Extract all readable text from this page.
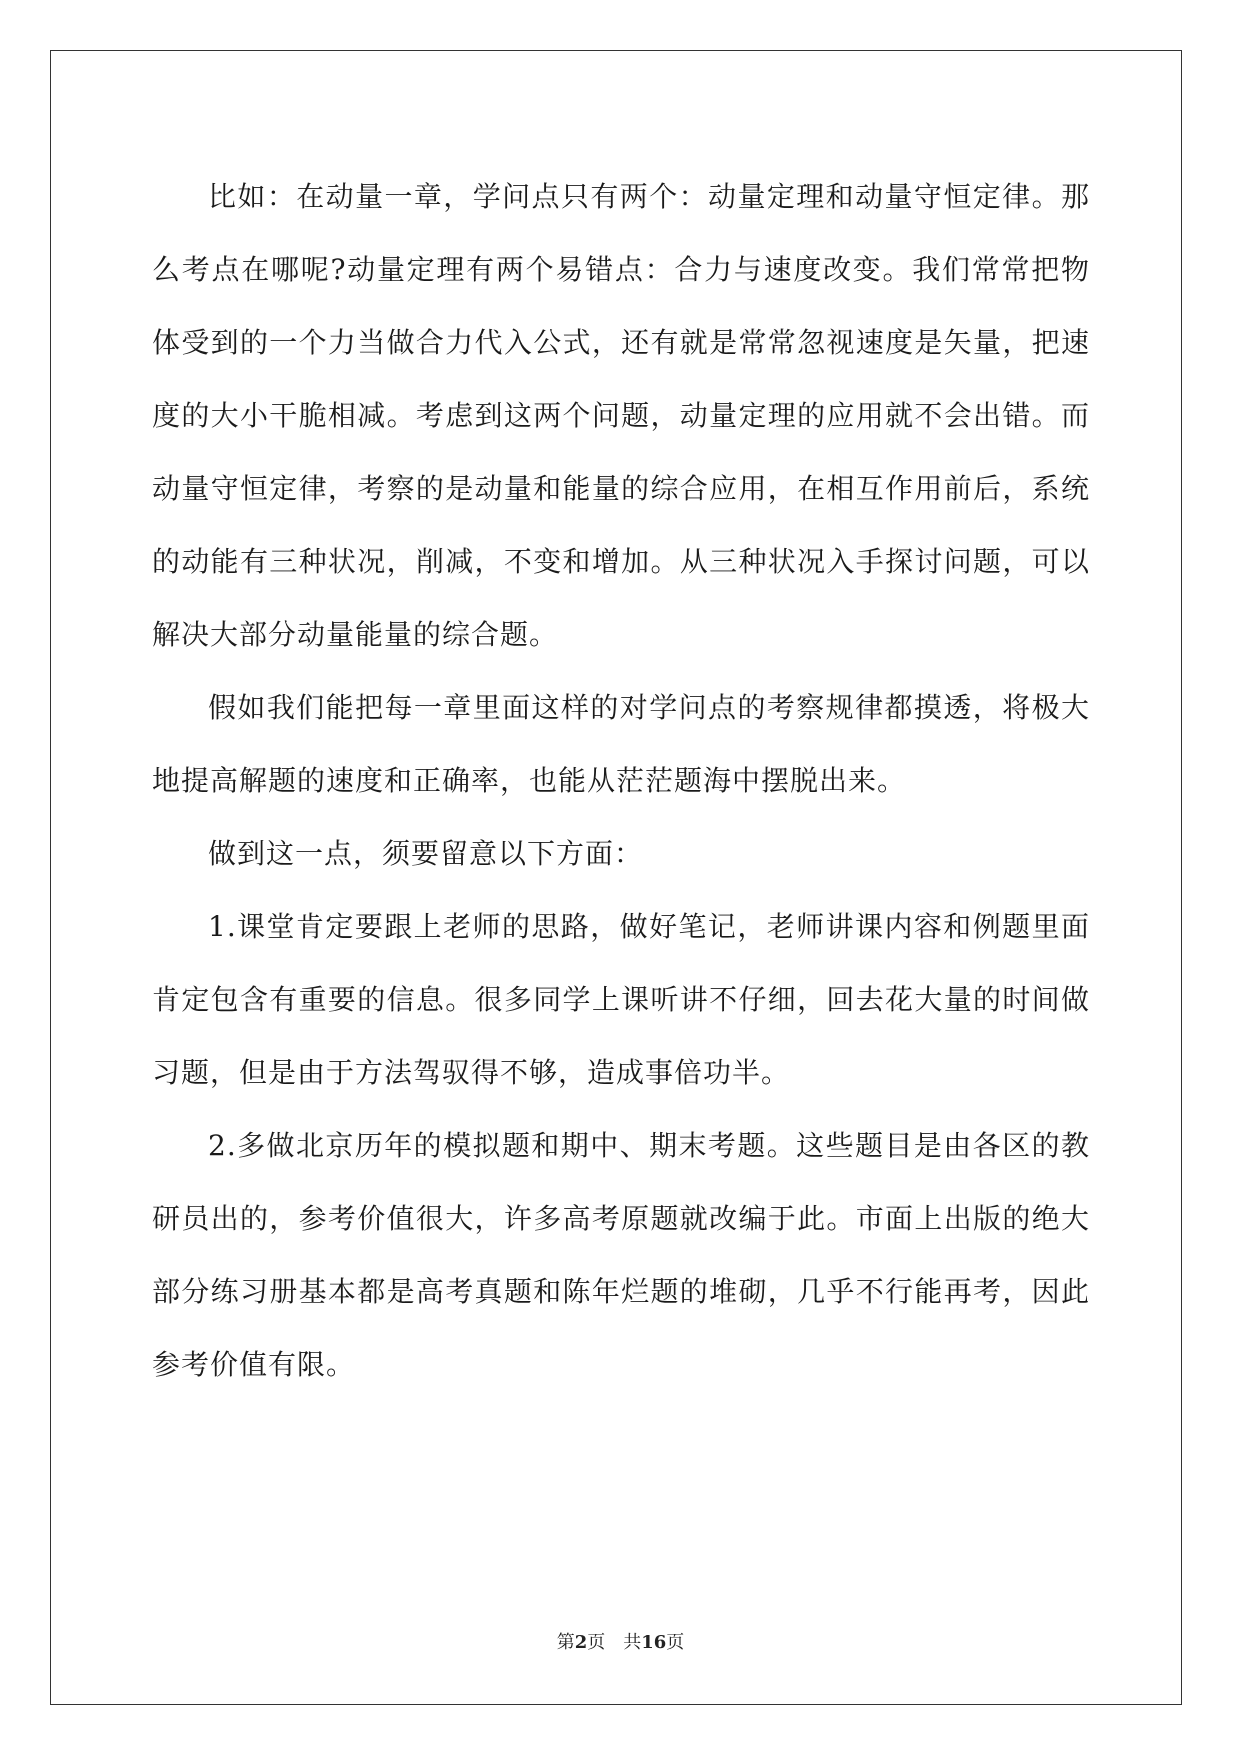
比如：在动量一章，学问点只有两个：动量定理和动量守恒定律。那么考点在哪呢?动量定理有两个易错点：合力与速度改变。我们常常把物体受到的一个力当做合力代入公式，还有就是常常忽视速度是矢量，把速度的大小干脆相减。考虑到这两个问题，动量定理的应用就不会出错。而动量守恒定律，考察的是动量和能量的综合应用，在相互作用前后，系统的动能有三种状况，削减，不变和增加。从三种状况入手探讨问题，可以解决大部分动量能量的综合题。

假如我们能把每一章里面这样的对学问点的考察规律都摸透，将极大地提高解题的速度和正确率，也能从茫茫题海中摆脱出来。

做到这一点，须要留意以下方面：

1.课堂肯定要跟上老师的思路，做好笔记，老师讲课内容和例题里面肯定包含有重要的信息。很多同学上课听讲不仔细，回去花大量的时间做习题，但是由于方法驾驭得不够，造成事倍功半。

2.多做北京历年的模拟题和期中、期末考题。这些题目是由各区的教研员出的，参考价值很大，许多高考原题就改编于此。市面上出版的绝大部分练习册基本都是高考真题和陈年烂题的堆砌，几乎不行能再考，因此参考价值有限。

第2页 共16页
